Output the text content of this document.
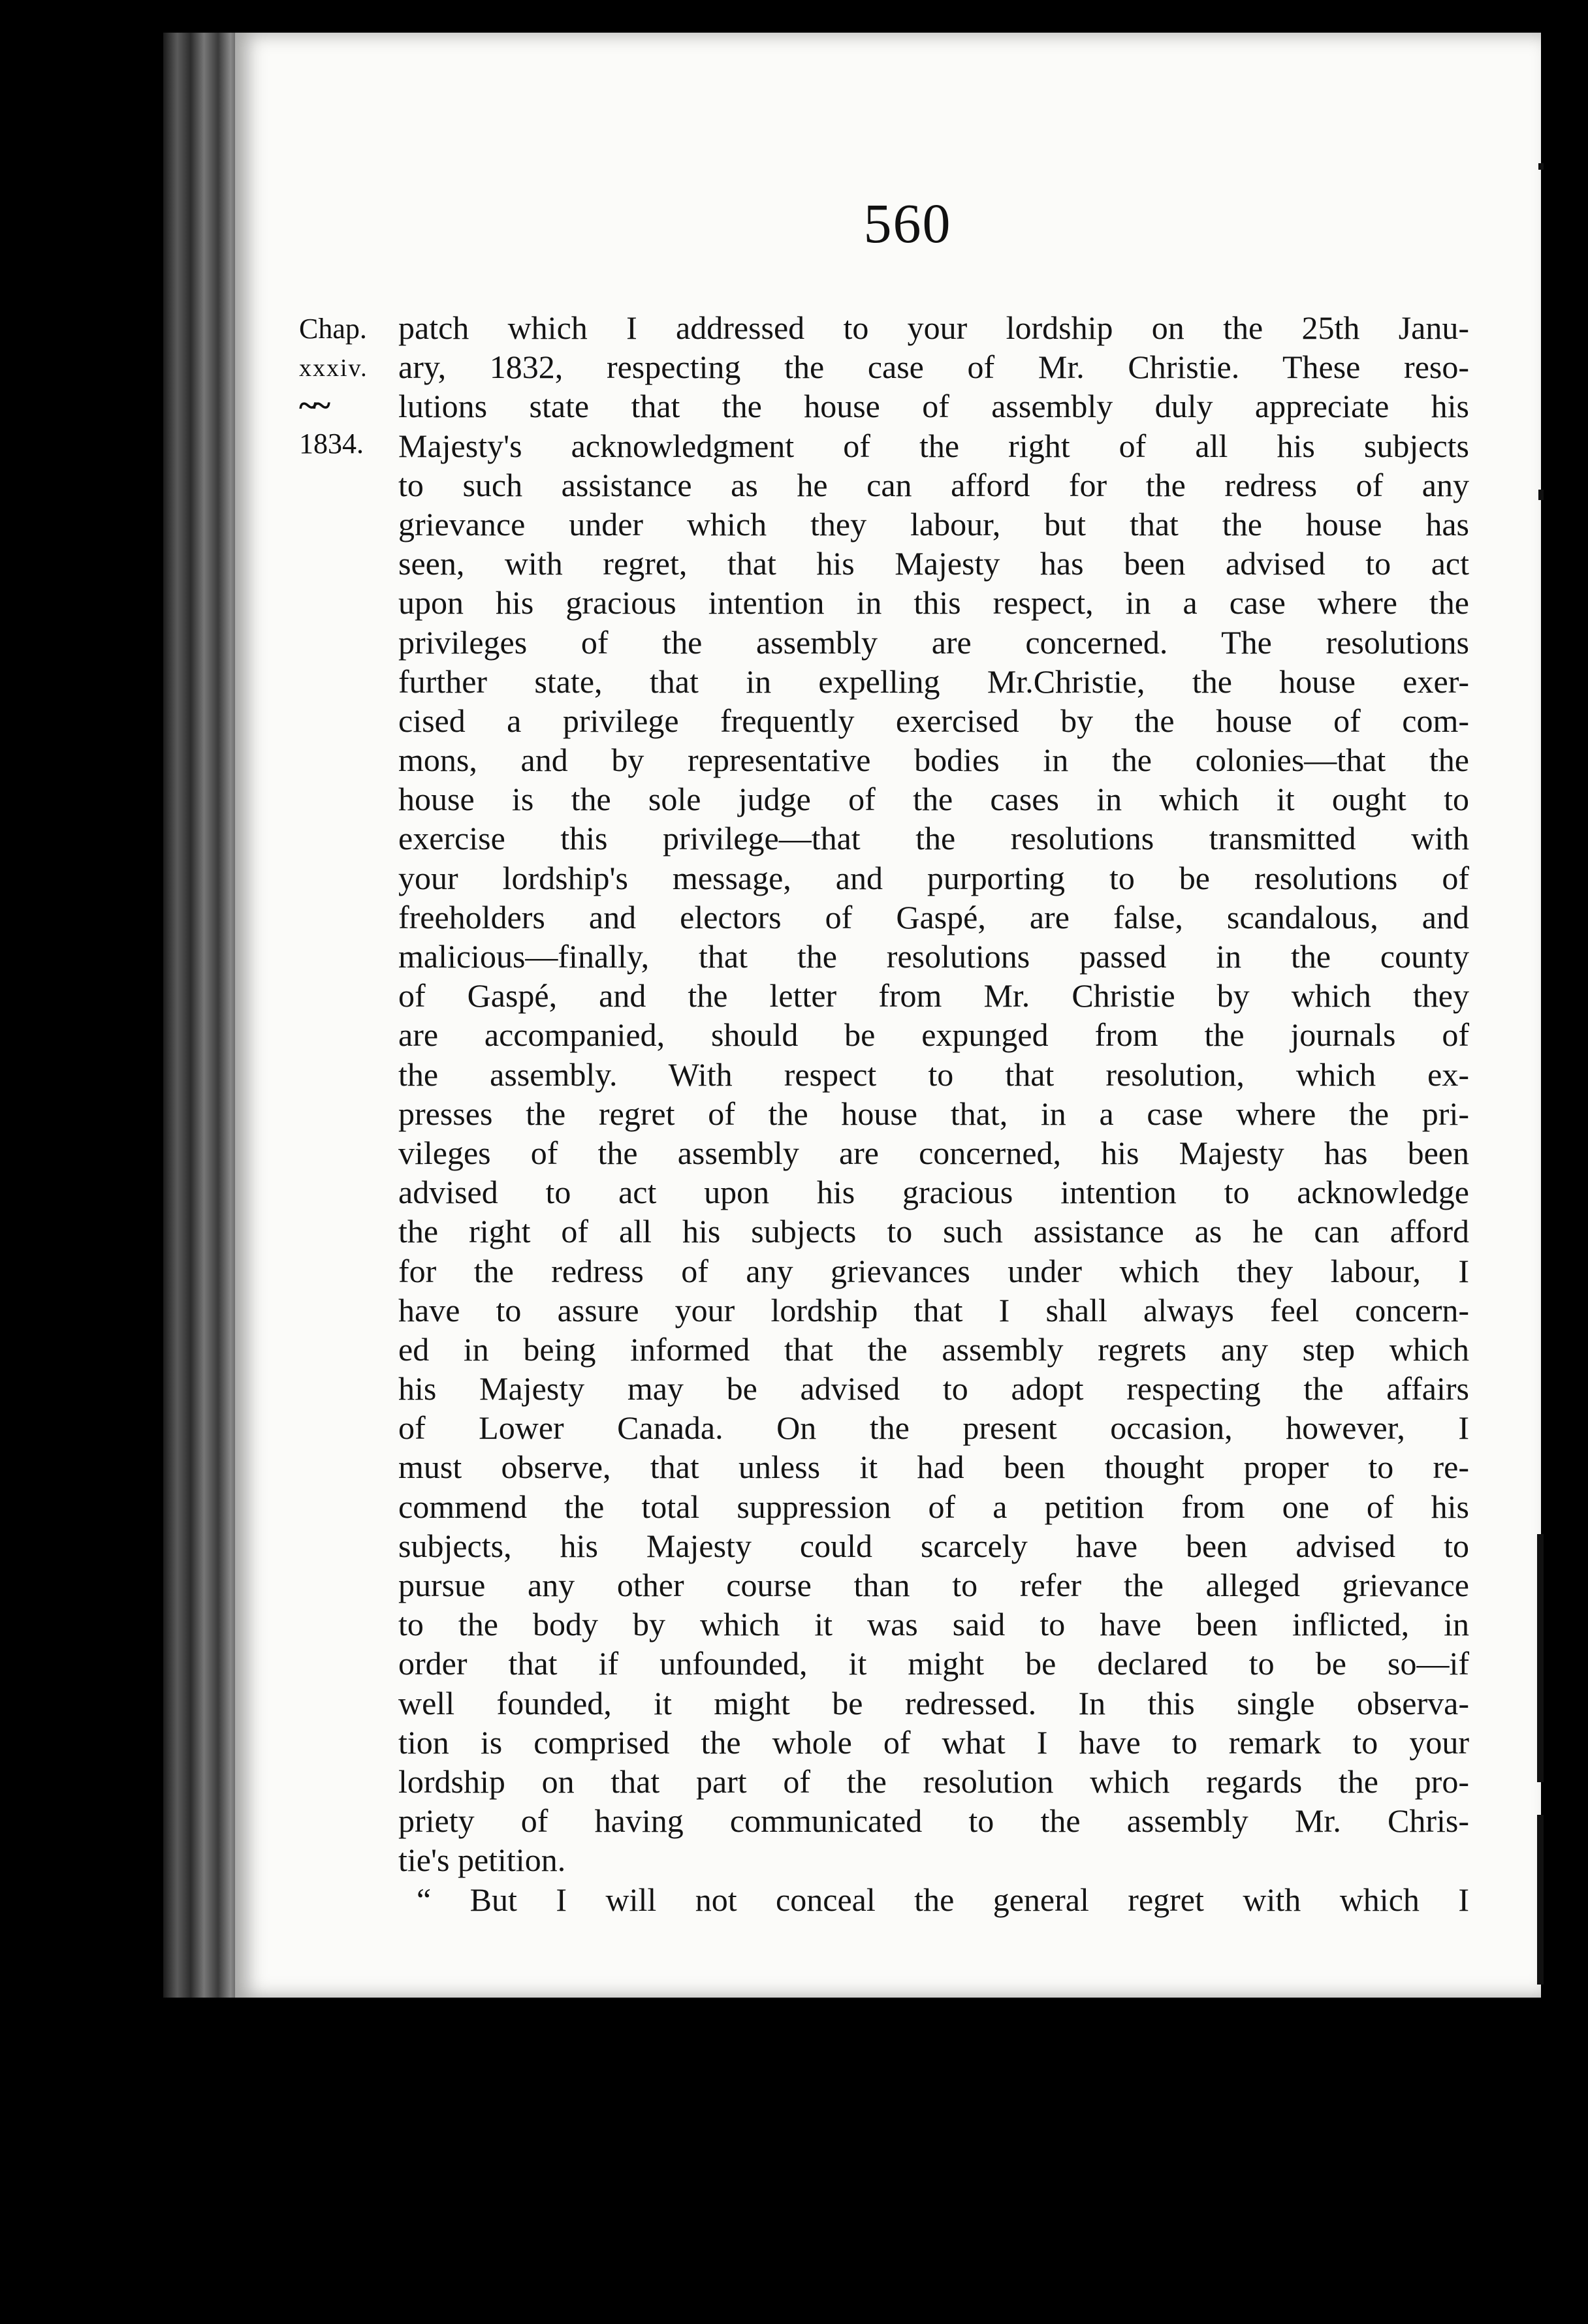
560
Chap.
xxxiv.
~~
1834.
patch which I addressed to your lordship on the 25th Janu-
ary, 1832, respecting the case of Mr. Christie. These reso-
lutions state that the house of assembly duly appreciate his
Majesty's acknowledgment of the right of all his subjects
to such assistance as he can afford for the redress of any
grievance under which they labour, but that the house has
seen, with regret, that his Majesty has been advised to act
upon his gracious intention in this respect, in a case where the
privileges of the assembly are concerned. The resolutions
further state, that in expelling Mr.Christie, the house exer-
cised a privilege frequently exercised by the house of com-
mons, and by representative bodies in the colonies—that the
house is the sole judge of the cases in which it ought to
exercise this privilege—that the resolutions transmitted with
your lordship's message, and purporting to be resolutions of
freeholders and electors of Gaspé, are false, scandalous, and
malicious—finally, that the resolutions passed in the county
of Gaspé, and the letter from Mr. Christie by which they
are accompanied, should be expunged from the journals of
the assembly. With respect to that resolution, which ex-
presses the regret of the house that, in a case where the pri-
vileges of the assembly are concerned, his Majesty has been
advised to act upon his gracious intention to acknowledge
the right of all his subjects to such assistance as he can afford
for the redress of any grievances under which they labour, I
have to assure your lordship that I shall always feel concern-
ed in being informed that the assembly regrets any step which
his Majesty may be advised to adopt respecting the affairs
of Lower Canada. On the present occasion, however, I
must observe, that unless it had been thought proper to re-
commend the total suppression of a petition from one of his
subjects, his Majesty could scarcely have been advised to
pursue any other course than to refer the alleged grievance
to the body by which it was said to have been inflicted, in
order that if unfounded, it might be declared to be so—if
well founded, it might be redressed. In this single observa-
tion is comprised the whole of what I have to remark to your
lordship on that part of the resolution which regards the pro-
priety of having communicated to the assembly Mr. Chris-
tie's petition.
“ But I will not conceal the general regret with which I
